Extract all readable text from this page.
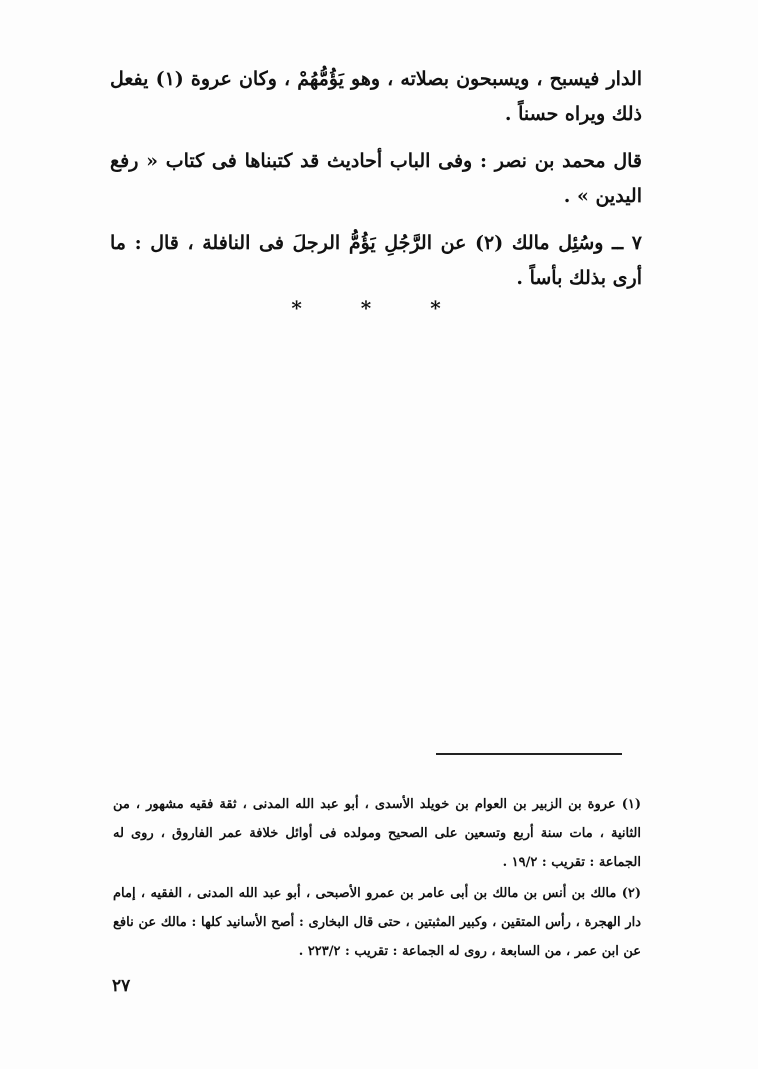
الدار فيسبح ، ويسبحون بصلاته ، وهو يَؤُمُّهُمْ ، وكان عروة (١) يفعل ذلك ويراه حسناً .

قال محمد بن نصر : وفى الباب أحاديث قد كتبناها فى كتاب « رفع اليدين » .

٧ ــ وسُئِل مالك (٢) عن الرَّجُلِ يَؤُمُّ الرجلَ فى النافلة ، قال : ما أرى بذلك بأساً .

* * *

(١) عروة بن الزبير بن العوام بن خويلد الأسدى ، أبو عبد الله المدنى ، ثقة فقيه مشهور ، من الثانية ، مات سنة أربع وتسعين على الصحيح ومولده فى أوائل خلافة عمر الفاروق ، روى له الجماعة : تقريب : ١٩/٢ .

(٢) مالك بن أنس بن مالك بن أبى عامر بن عمرو الأصبحى ، أبو عبد الله المدنى ، الفقيه ، إمام دار الهجرة ، رأس المتقين ، وكبير المثبتين ، حتى قال البخارى : أصح الأسانيد كلها : مالك عن نافع عن ابن عمر ، من السابعة ، روى له الجماعة : تقريب : ٢٢٣/٢ .

٢٧
